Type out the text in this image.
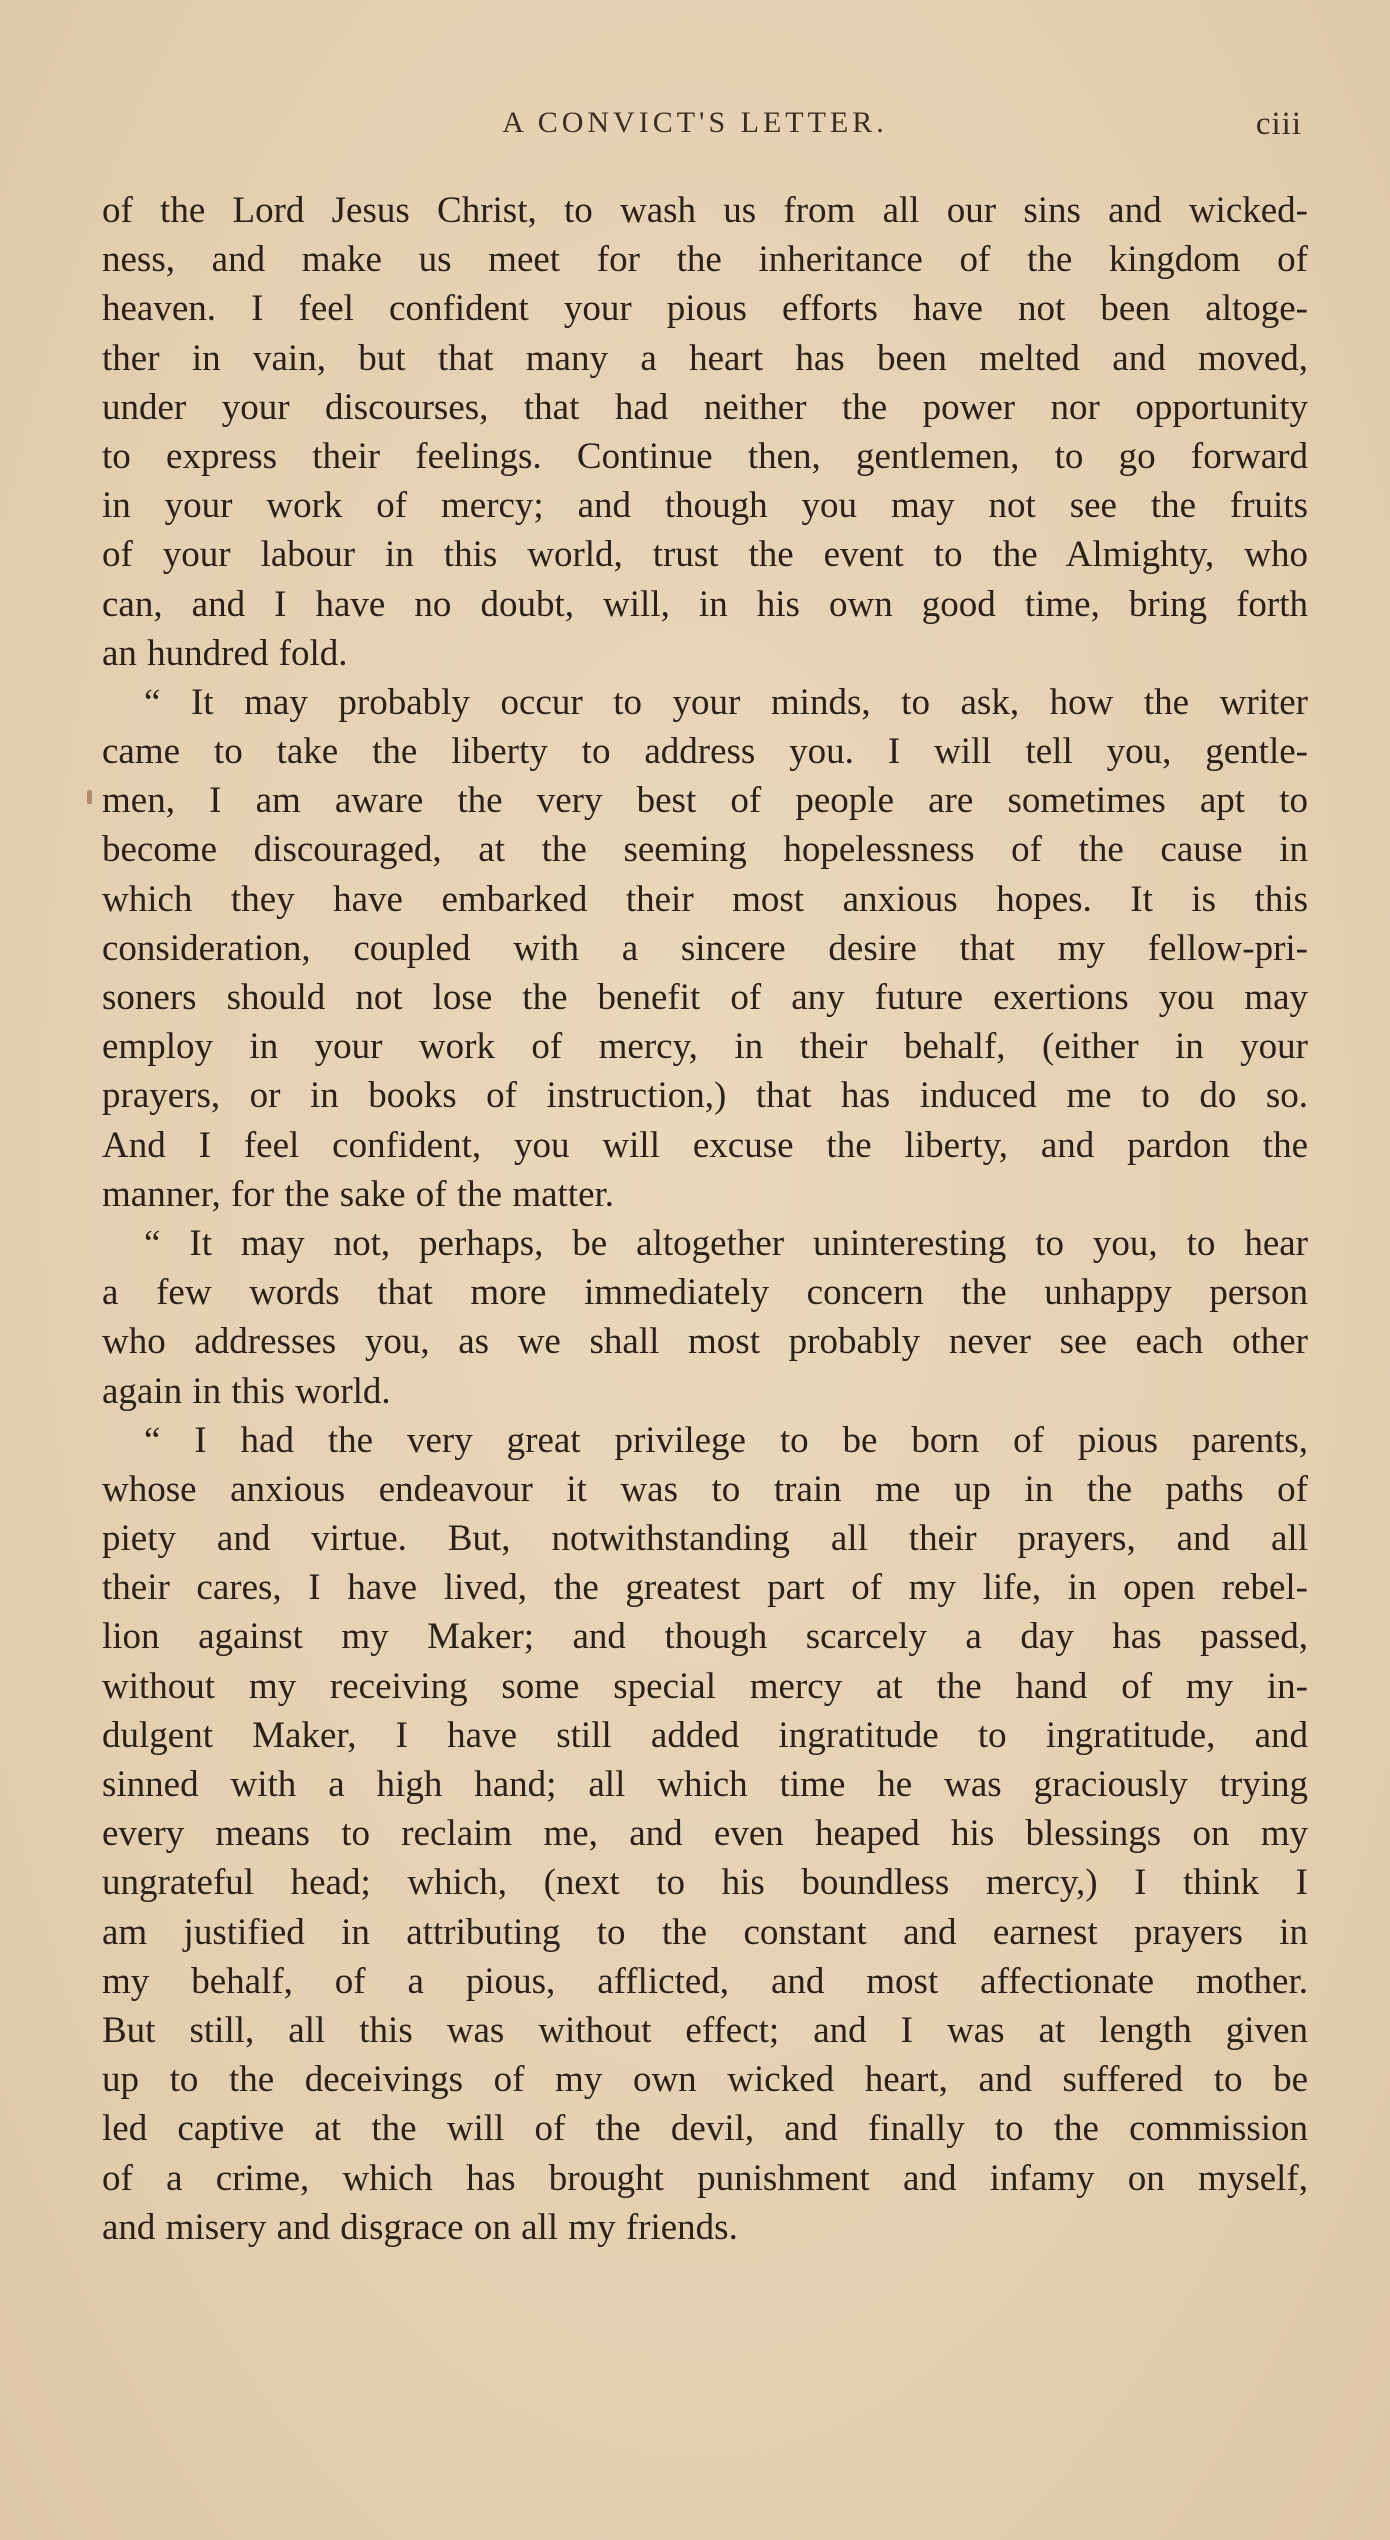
A CONVICT'S LETTER.	ciii
of the Lord Jesus Christ, to wash us from all our sins and wicked-
ness, and make us meet for the inheritance of the kingdom of
heaven. I feel confident your pious efforts have not been altoge-
ther in vain, but that many a heart has been melted and moved,
under your discourses, that had neither the power nor opportunity
to express their feelings. Continue then, gentlemen, to go forward
in your work of mercy; and though you may not see the fruits
of your labour in this world, trust the event to the Almighty, who
can, and I have no doubt, will, in his own good time, bring forth
an hundred fold.
“ It may probably occur to your minds, to ask, how the writer
came to take the liberty to address you. I will tell you, gentle-
men, I am aware the very best of people are sometimes apt to
become discouraged, at the seeming hopelessness of the cause in
which they have embarked their most anxious hopes. It is this
consideration, coupled with a sincere desire that my fellow-pri-
soners should not lose the benefit of any future exertions you may
employ in your work of mercy, in their behalf, (either in your
prayers, or in books of instruction,) that has induced me to do so.
And I feel confident, you will excuse the liberty, and pardon the
manner, for the sake of the matter.
“ It may not, perhaps, be altogether uninteresting to you, to hear
a few words that more immediately concern the unhappy person
who addresses you, as we shall most probably never see each other
again in this world.
“ I had the very great privilege to be born of pious parents,
whose anxious endeavour it was to train me up in the paths of
piety and virtue. But, notwithstanding all their prayers, and all
their cares, I have lived, the greatest part of my life, in open rebel-
lion against my Maker; and though scarcely a day has passed,
without my receiving some special mercy at the hand of my in-
dulgent Maker, I have still added ingratitude to ingratitude, and
sinned with a high hand; all which time he was graciously trying
every means to reclaim me, and even heaped his blessings on my
ungrateful head; which, (next to his boundless mercy,) I think I
am justified in attributing to the constant and earnest prayers in
my behalf, of a pious, afflicted, and most affectionate mother.
But still, all this was without effect; and I was at length given
up to the deceivings of my own wicked heart, and suffered to be
led captive at the will of the devil, and finally to the commission
of a crime, which has brought punishment and infamy on myself,
and misery and disgrace on all my friends.
